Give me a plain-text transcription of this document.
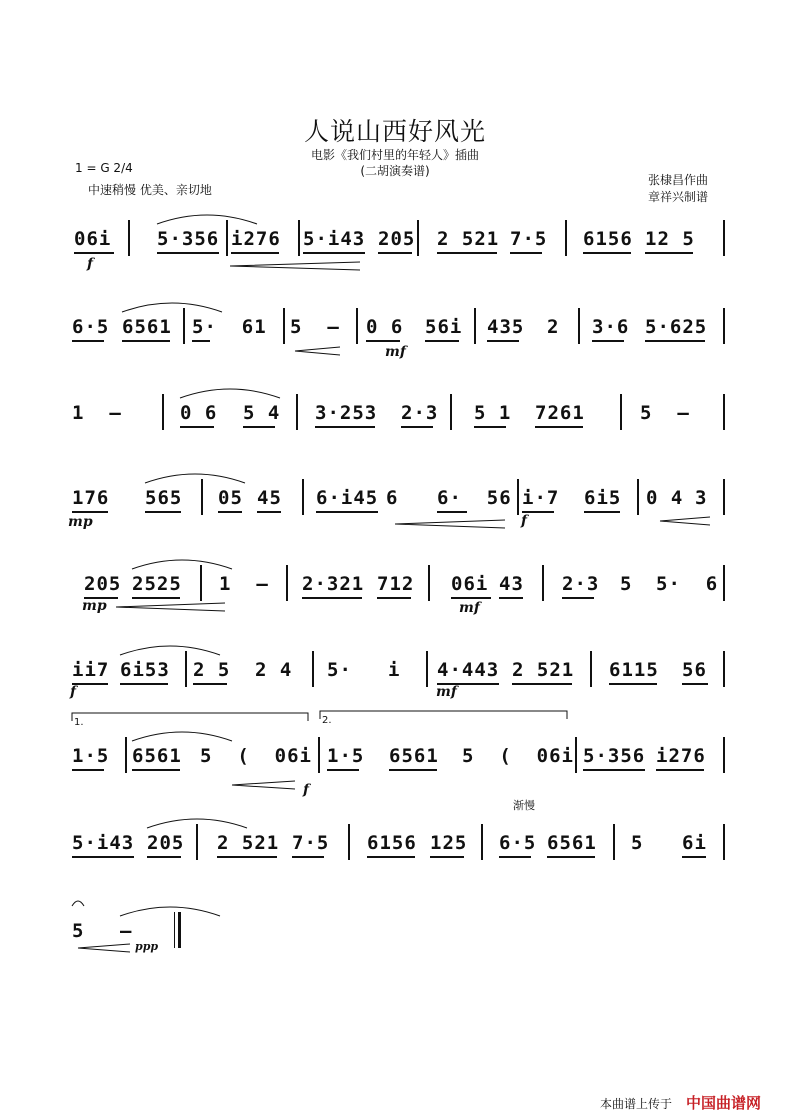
人说山西好风光
电影《我们村里的年轻人》插曲
(二胡演奏谱)
1 = G 2/4
中速稍慢 优美、亲切地
张棣昌作曲
章祥兴制谱
06i 5·356 i276 5·i43 205 2 521 7·5 6156 12 5
6·5 6561 5·  61 5  – 0 6 56i 435 2 3·6 5·625
1  –	0 6 5 4 3·253 2·3 5 1 7261	5  –
176 565 05 45 6·i45 6 6·  56 i·7 6i5 0 4 3
205 2525 1  – 2·321 712 06i 43 2·3 5 5·  6
ii7 6i53 2 5 2 4 5· i 4·443 2 521 6115 56
1·5 6561 5  (  06i 1·5 6561 5  (  06i 5·356 i276
5·i43 205 2 521 7·5 6156 125 6·5 6561 5 6i
5 –
渐慢
1.	2.
f
mf
mp	f
mp	mf
f	mf
f
ppp
本曲谱上传于 中国曲谱网
